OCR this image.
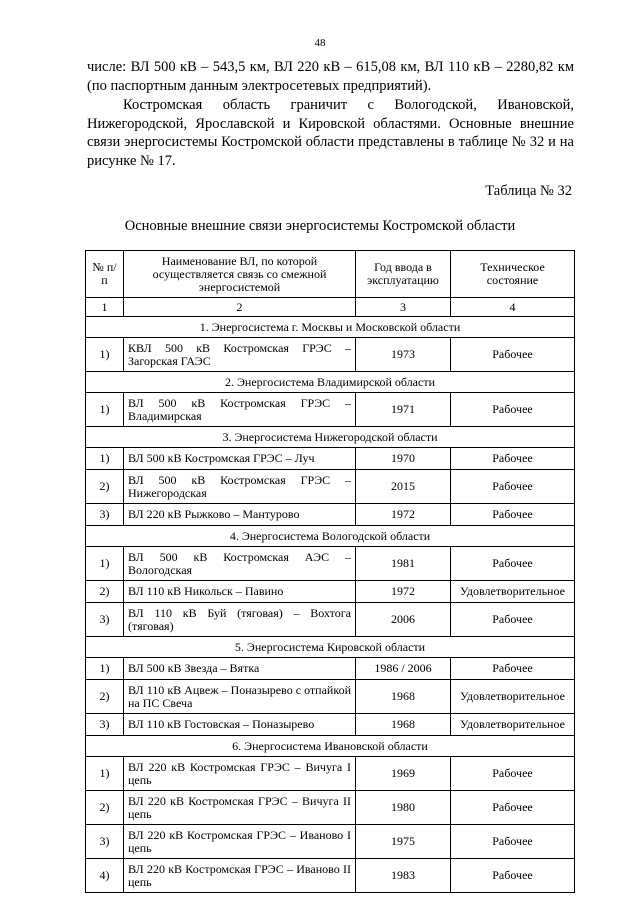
48

числе: ВЛ 500 кВ – 543,5 км, ВЛ 220 кВ – 615,08 км, ВЛ 110 кВ – 2280,82 км (по паспортным данным электросетевых предприятий).

Костромская область граничит с Вологодской, Ивановской, Нижегородской, Ярославской и Кировской областями. Основные внешние связи энергосистемы Костромской области представлены в таблице № 32 и на рисунке № 17.

Таблица № 32
Основные внешние связи энергосистемы Костромской области
№ п/п	Наименование ВЛ, по которой осуществляется связь со смежной энергосистемой	Год ввода в эксплуатацию	Техническое состояние
1	2	3	4
1. Энергосистема г. Москвы и Московской области			
1)	КВЛ 500 кВ Костромская ГРЭС – Загорская ГАЭС	1973	Рабочее
2. Энергосистема Владимирской области			
1)	ВЛ 500 кВ Костромская ГРЭС – Владимирская	1971	Рабочее
3. Энергосистема Нижегородской области			
1)	ВЛ 500 кВ Костромская ГРЭС – Луч	1970	Рабочее
2)	ВЛ 500 кВ Костромская ГРЭС – Нижегородская	2015	Рабочее
3)	ВЛ 220 кВ Рыжково – Мантурово	1972	Рабочее
4. Энергосистема Вологодской области			
1)	ВЛ 500 кВ Костромская АЭС – Вологодская	1981	Рабочее
2)	ВЛ 110 кВ Никольск – Павино	1972	Удовлетворительное
3)	ВЛ 110 кВ Буй (тяговая) – Вохтога (тяговая)	2006	Рабочее
5. Энергосистема Кировской области			
1)	ВЛ 500 кВ Звезда – Вятка	1986 / 2006	Рабочее
2)	ВЛ 110 кВ Ацвеж – Поназырево с отпайкой на ПС Свеча	1968	Удовлетворительное
3)	ВЛ 110 кВ Гостовская – Поназырево	1968	Удовлетворительное
6. Энергосистема Ивановской области			
1)	ВЛ 220 кВ Костромская ГРЭС – Вичуга I цепь	1969	Рабочее
2)	ВЛ 220 кВ Костромская ГРЭС – Вичуга II цепь	1980	Рабочее
3)	ВЛ 220 кВ Костромская ГРЭС – Иваново I цепь	1975	Рабочее
4)	ВЛ 220 кВ Костромская ГРЭС – Иваново II цепь	1983	Рабочее
